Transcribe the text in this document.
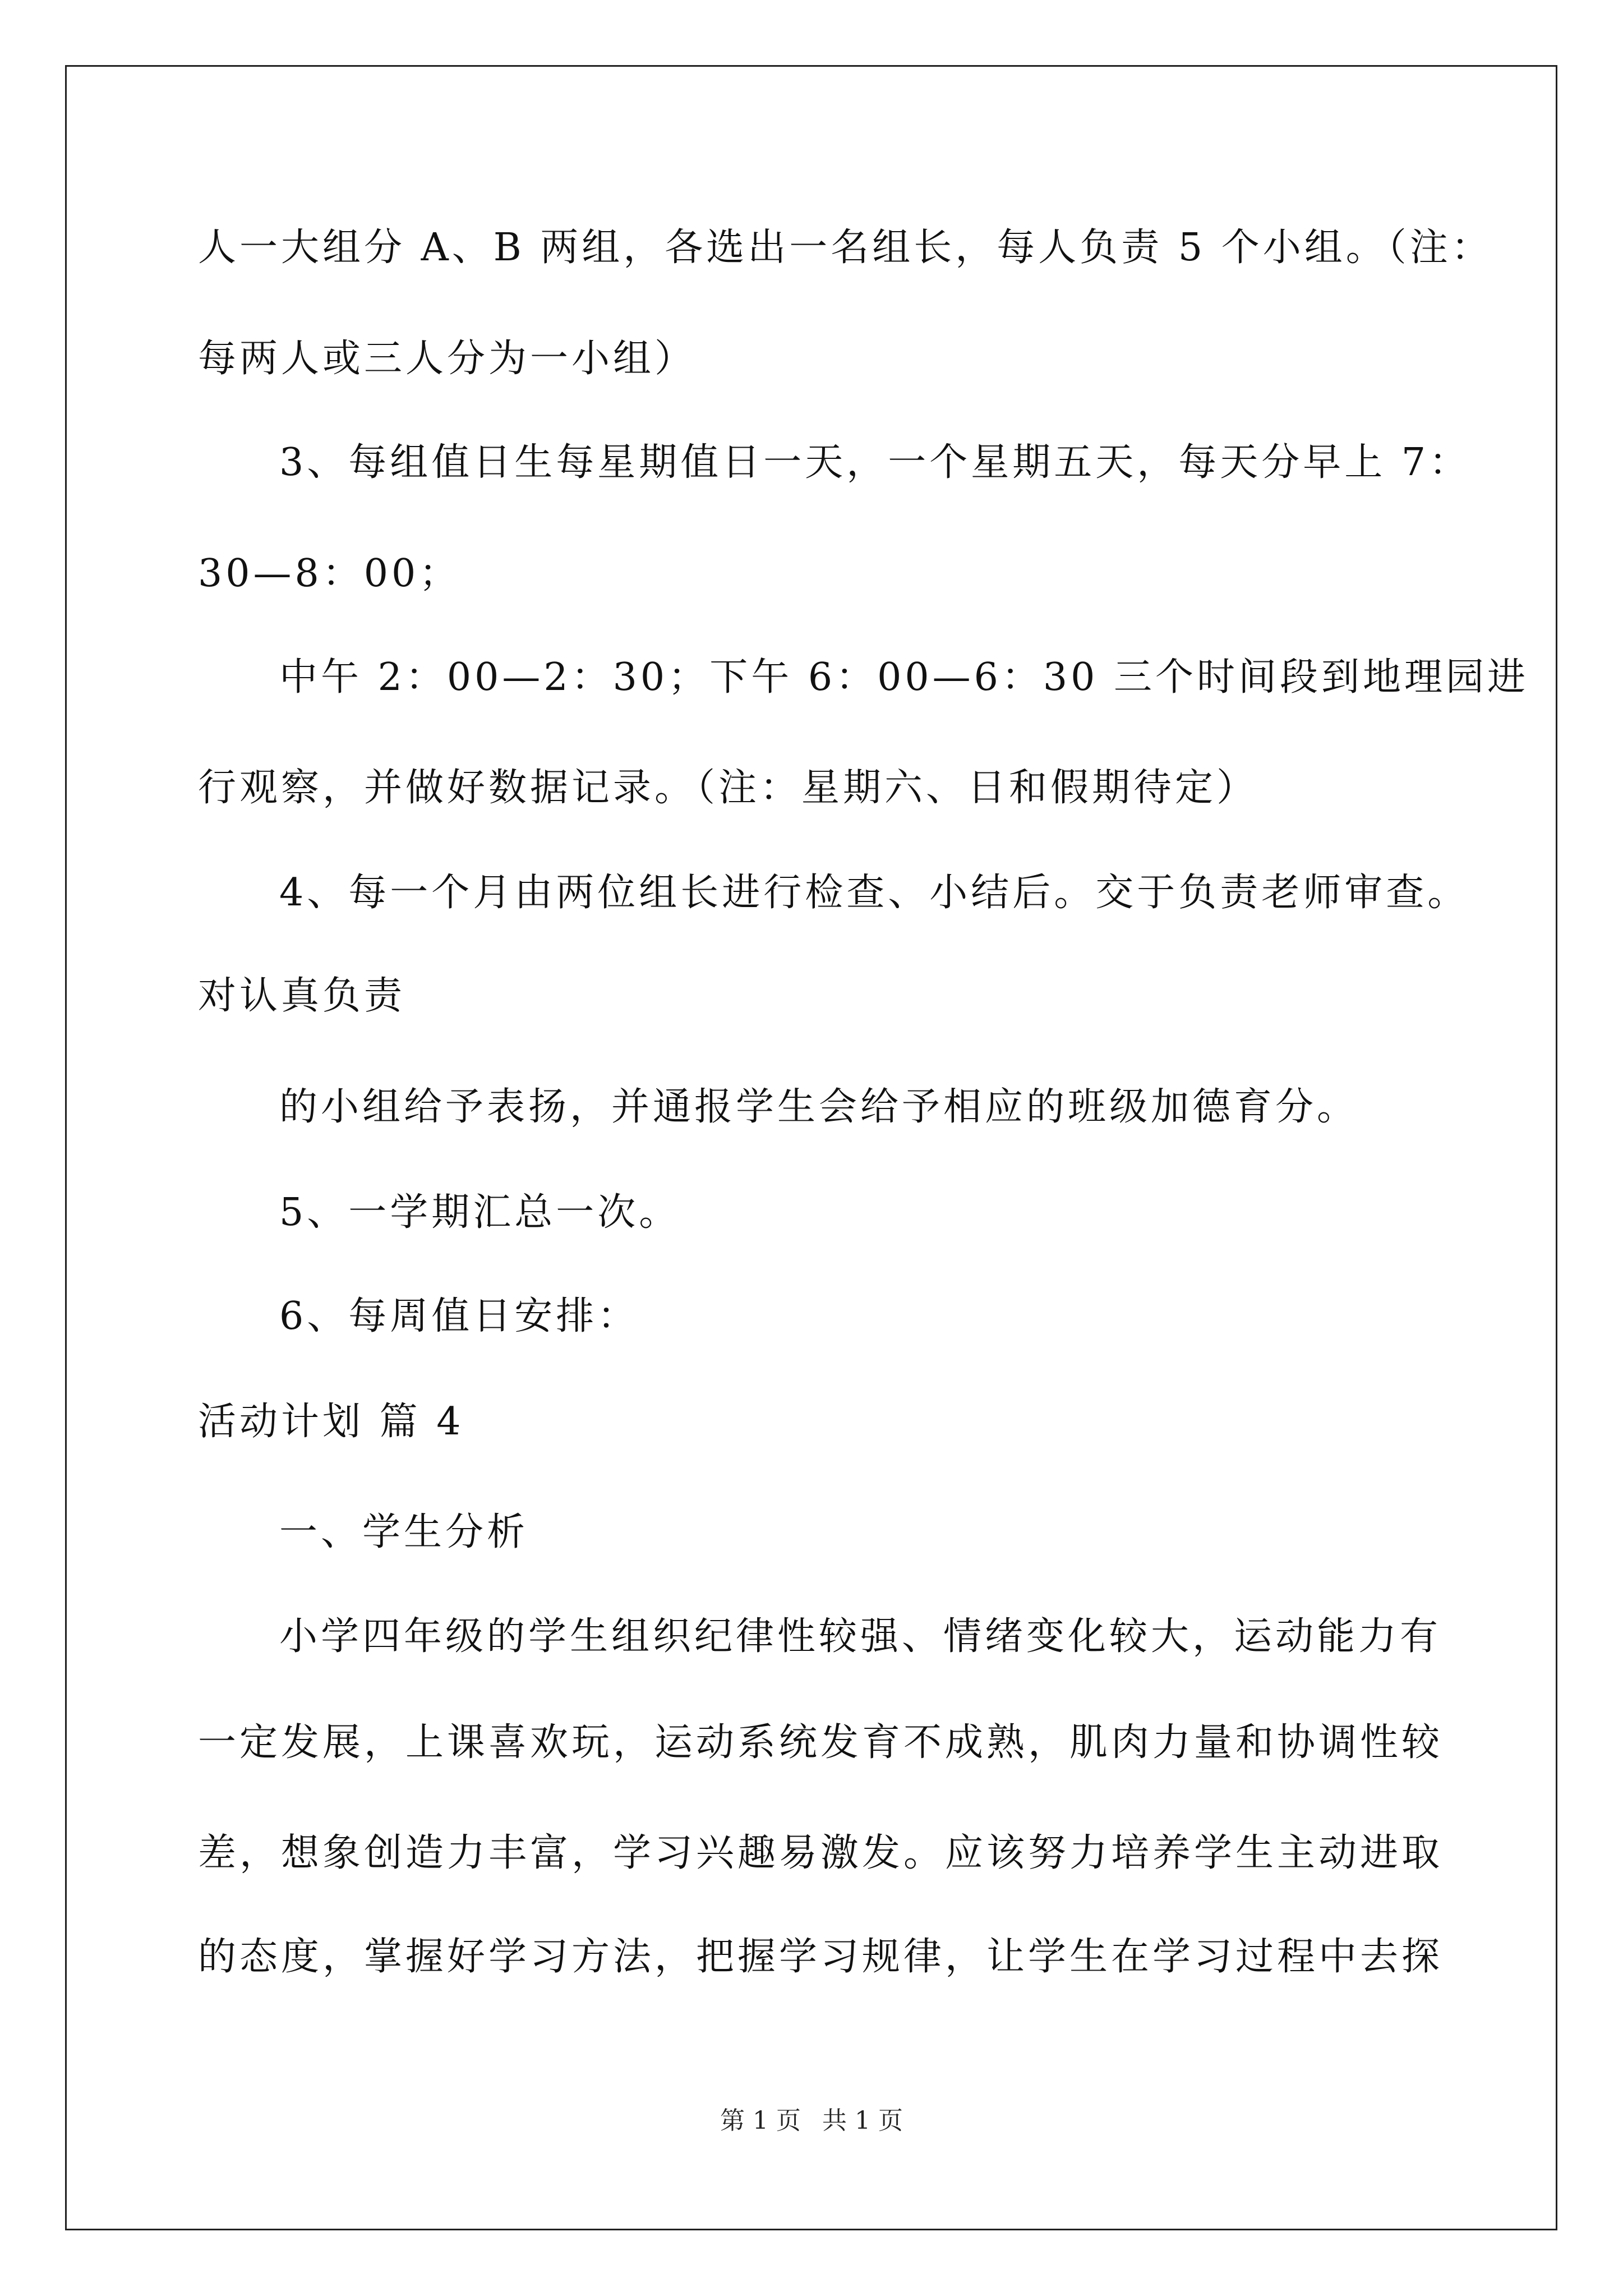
人一大组分 A、B 两组，各选出一名组长，每人负责 5 个小组。（注：
每两人或三人分为一小组）
3、每组值日生每星期值日一天，一个星期五天，每天分早上 7：
30—8：00；
中午 2：00—2：30；下午 6：00—6：30 三个时间段到地理园进
行观察，并做好数据记录。（注：星期六、日和假期待定）
4、每一个月由两位组长进行检查、小结后。交于负责老师审查。
对认真负责
的小组给予表扬，并通报学生会给予相应的班级加德育分。
5、一学期汇总一次。
6、每周值日安排：
活动计划 篇 4
一、学生分析
小学四年级的学生组织纪律性较强、情绪变化较大，运动能力有
一定发展，上课喜欢玩，运动系统发育不成熟，肌肉力量和协调性较
差，想象创造力丰富，学习兴趣易激发。应该努力培养学生主动进取
的态度，掌握好学习方法，把握学习规律，让学生在学习过程中去探
第 1 页 共 1 页
